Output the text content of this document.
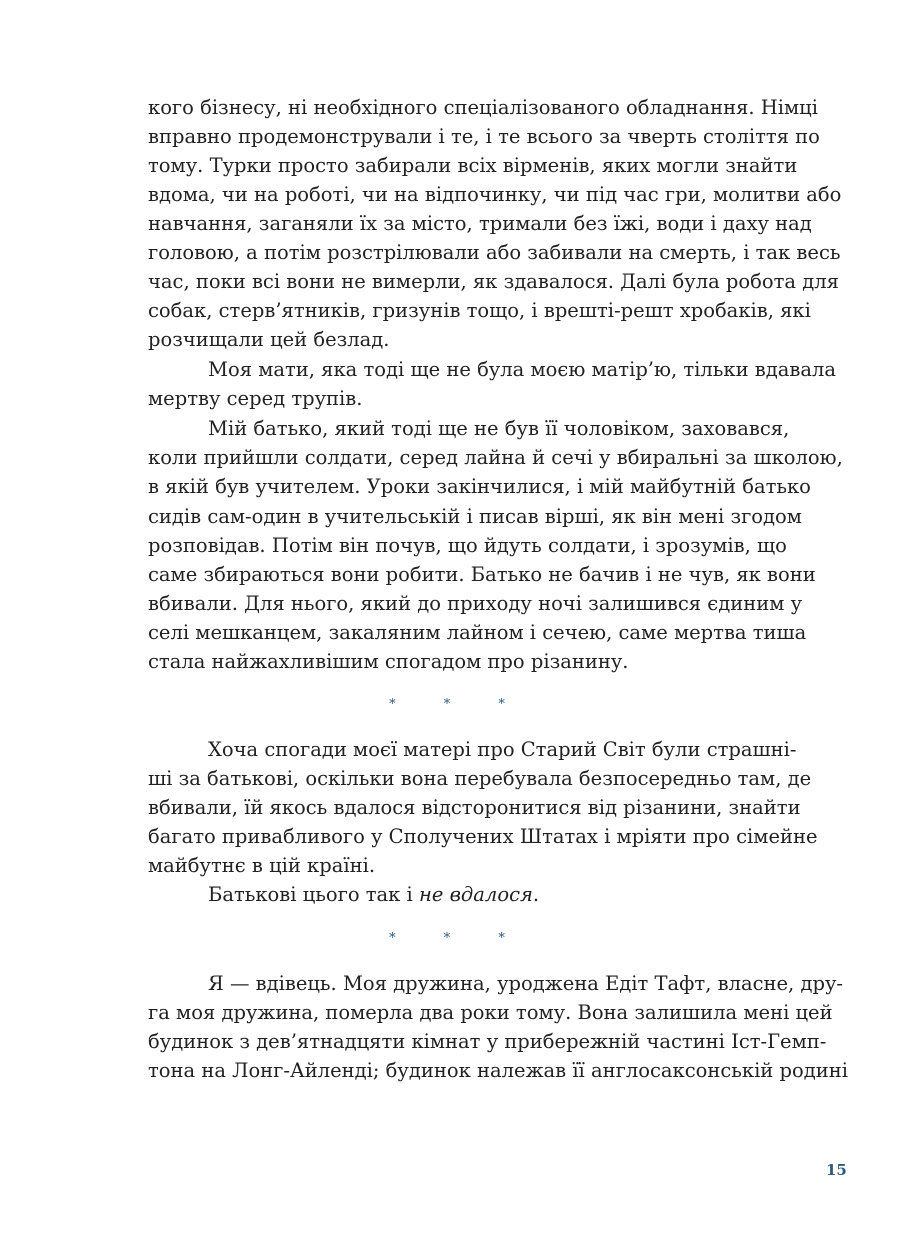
кого бізнесу, ні необхідного спеціалізованого обладнання. Німці
вправно продемонстрували і те, і те всього за чверть століття по
тому. Турки просто забирали всіх вірменів, яких могли знайти
вдома, чи на роботі, чи на відпочинку, чи під час гри, молитви або
навчання, заганяли їх за місто, тримали без їжі, води і даху над
головою, а потім розстрілювали або забивали на смерть, і так весь
час, поки всі вони не вимерли, як здавалося. Далі була робота для
собак, стерв’ятників, гризунів тощо, і врешті-решт хробаків, які
розчищали цей безлад.
Моя мати, яка тоді ще не була моєю матір’ю, тільки вдавала
мертву серед трупів.
Мій батько, який тоді ще не був її чоловіком, заховався,
коли прийшли солдати, серед лайна й сечі у вбиральні за школою,
в якій був учителем. Уроки закінчилися, і мій майбутній батько
сидів сам-один в учительській і писав вірші, як він мені згодом
розповідав. Потім він почув, що йдуть солдати, і зрозумів, що
саме збираються вони робити. Батько не бачив і не чув, як вони
вбивали. Для нього, який до приходу ночі залишився єдиним у
селі мешканцем, закаляним лайном і сечею, саме мертва тиша
стала найжахливішим спогадом про різанину.
* * *
Хоча спогади моєї матері про Старий Світ були страшні-
ші за батькові, оскільки вона перебувала безпосередньо там, де
вбивали, їй якось вдалося відсторонитися від різанини, знайти
багато привабливого у Сполучених Штатах і мріяти про сімейне
майбутнє в цій країні.
Батькові цього так і не вдалося.
* * *
Я — вдівець. Моя дружина, уроджена Едіт Тафт, власне, дру-
га моя дружина, померла два роки тому. Вона залишила мені цей
будинок з дев’ятнадцяти кімнат у прибережній частині Іст-Гемп-
тона на Лонг-Айленді; будинок належав її англосаксонській родині
15
